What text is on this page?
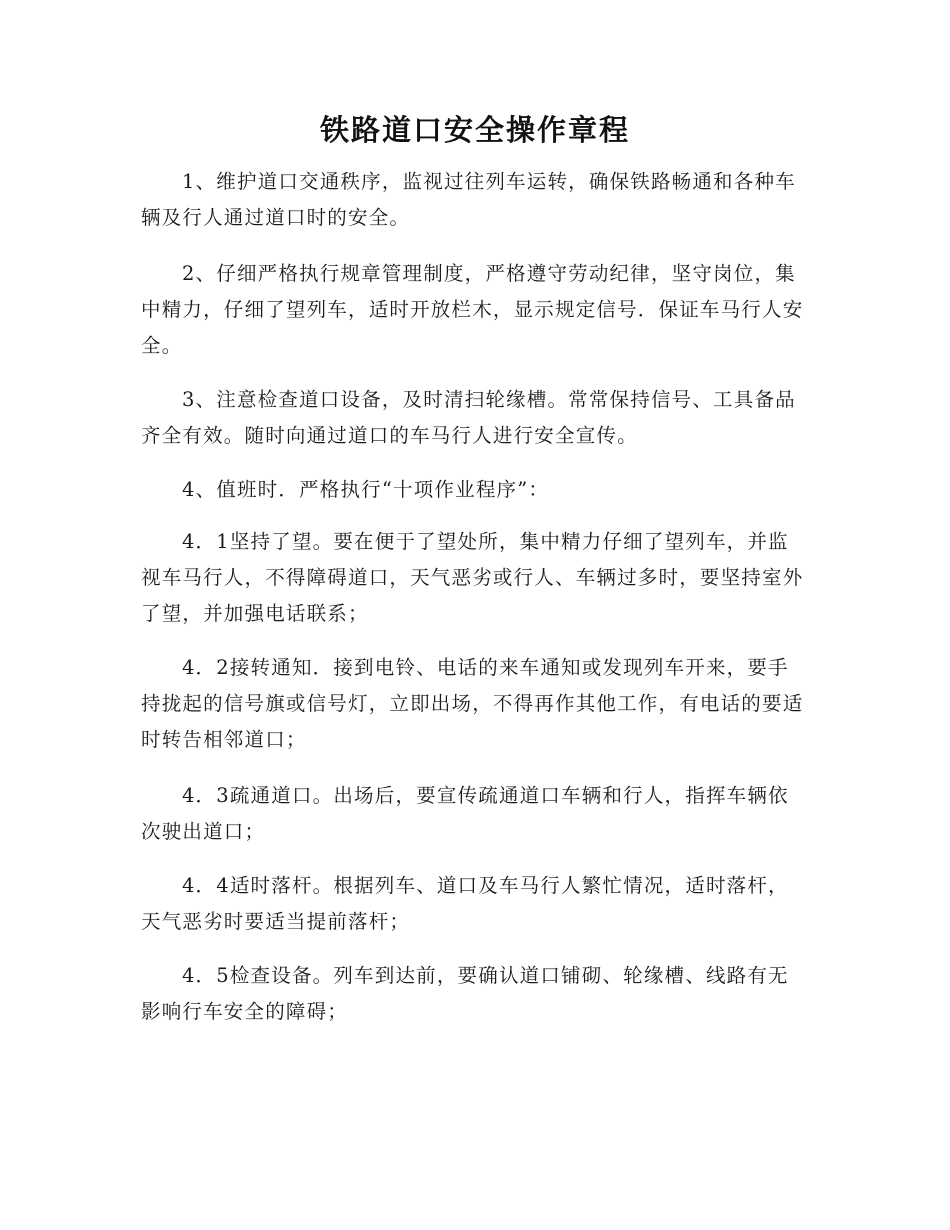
铁路道口安全操作章程

1、维护道口交通秩序，监视过往列车运转，确保铁路畅通和各种车辆及行人通过道口时的安全。

2、仔细严格执行规章管理制度，严格遵守劳动纪律，坚守岗位，集中精力，仔细了望列车，适时开放栏木，显示规定信号．保证车马行人安全。

3、注意检查道口设备，及时清扫轮缘槽。常常保持信号、工具备品齐全有效。随时向通过道口的车马行人进行安全宣传。

4、值班时．严格执行“十项作业程序”：

4．1坚持了望。要在便于了望处所，集中精力仔细了望列车，并监视车马行人，不得障碍道口，天气恶劣或行人、车辆过多时，要坚持室外了望，并加强电话联系；

4．2接转通知．接到电铃、电话的来车通知或发现列车开来，要手持拢起的信号旗或信号灯，立即出场，不得再作其他工作，有电话的要适时转告相邻道口；

4．3疏通道口。出场后，要宣传疏通道口车辆和行人，指挥车辆依次驶出道口；

4．4适时落杆。根据列车、道口及车马行人繁忙情况，适时落杆，天气恶劣时要适当提前落杆；

4．5检查设备。列车到达前，要确认道口铺砌、轮缘槽、线路有无影响行车安全的障碍；
